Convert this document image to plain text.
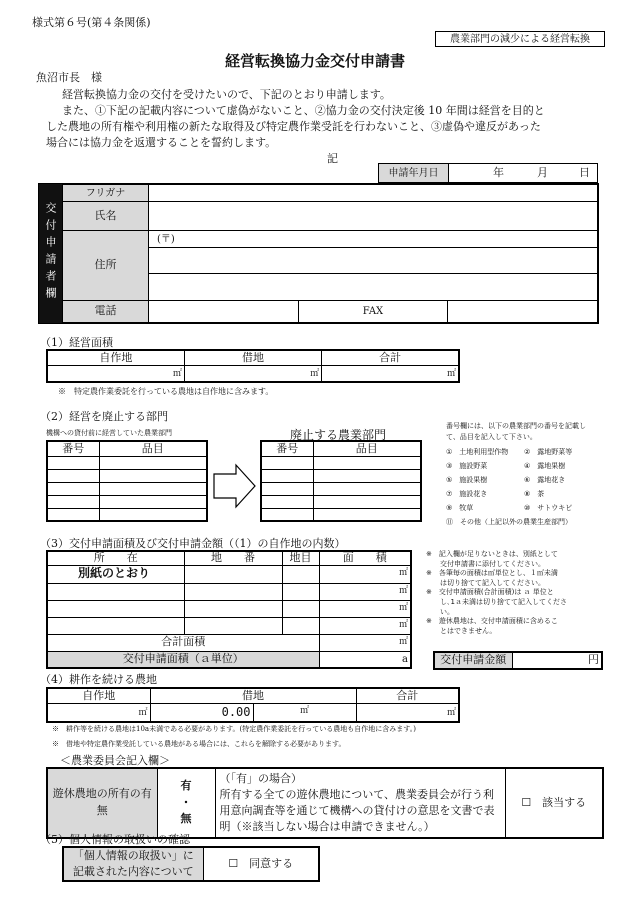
様式第６号(第４条関係)
農業部門の減少による経営転換
経営転換協力金交付申請書
魚沼市長　様
経営転換協力金の交付を受けたいので、下記のとおり申請します。
また、①下記の記載内容について虚偽がないこと、②協力金の交付決定後 10 年間は経営を目的と
した農地の所有権や利用権の新たな取得及び特定農作業受託を行わないこと、③虚偽や違反があった
場合には協力金を返還することを誓約します。
記
申請年月日	年	月	日
交付申請者欄
フリガナ			
氏名			
住所	(〒)		

電話		FAX	
（1）経営面積
自作地	借地	合計
㎡	㎡	㎡
※　特定農作業委託を行っている農地は自作地に含みます。
（2）経営を廃止する部門
機構への貸付前に経営していた農業部門	廃止する農業部門
番号	品目

		番号	品目

番号欄には、以下の農業部門の番号を記載し
て、品目を記入して下さい。
①　土地利用型作物	②　露地野菜等
③　施設野菜	④　露地果樹
⑤　施設果樹	⑥　露地花き
⑦　施設花き	⑧　茶
⑨　牧草	⑩　サトウキビ
⑪　その他（上記以外の農業生産部門）
（3）交付申請面積及び交付申請金額（（1）の自作地の内数）
所　　在	地　　番	地目	面　　積	
別紙のとおり				㎡
				㎡
				㎡
				㎡
合計面積				㎡
交付申請面積（ａ単位）				a
※　記入欄が足りないときは、別紙として
　　交付申請書に添付してください。
※　各筆毎の面積は㎡単位とし、１㎡未満
　　は切り捨てて記入してください。
※　交付申請面積(合計面積)は ａ 単位と
　　し､1ａ未満は切り捨てて記入してくださ
　　い。
※　遊休農地は、交付申請面積に含めるこ
　　とはできません。
交付申請金額	円
（4）耕作を続ける農地
自作地	借地		合計
㎡	0.00	㎡	㎡
※　耕作等を続ける農地は10a未満である必要があります。(特定農作業委託を行っている農地も自作地に含みます。)
※　借地や特定農作業受託している農地がある場合には、これらを解除する必要があります。
＜農業委員会記入欄＞
遊休農地の所有の有無	
有
・
無

（「有」の場合）
所有する全ての遊休農地について、農業委員会が行う利用意向調査等を通じて機構への貸付けの意思を文書で表明（※該当しない場合は申請できません。）
	☐　該当する
（5）個人情報の取扱いの確認
「個人情報の取扱い」に
記載された内容について
	☐　同意する
